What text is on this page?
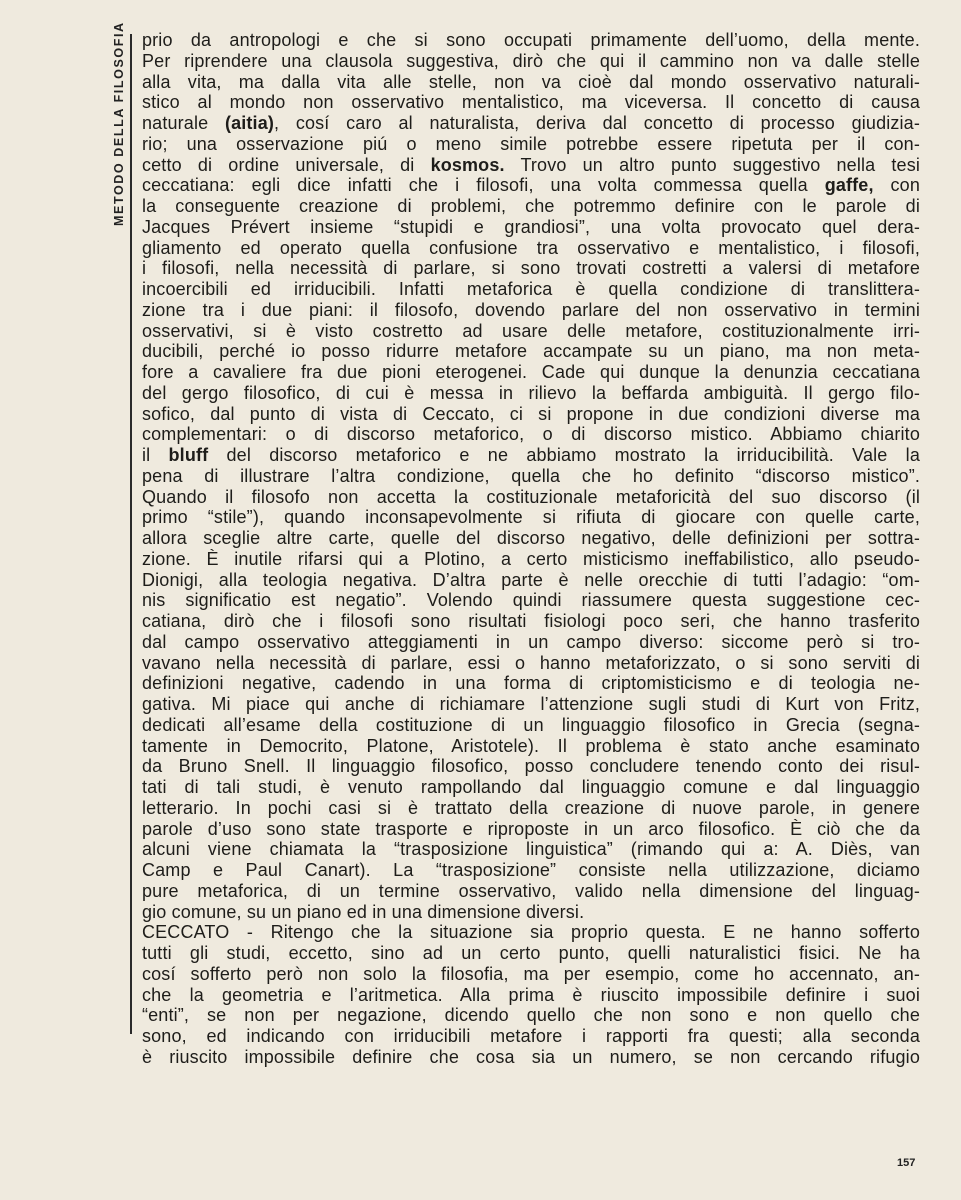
METODO DELLA FILOSOFIA prio da antropologi e che si sono occupati primamente dell’uomo, della mente.
Per riprendere una clausola suggestiva, dirò che qui il cammino non va dalle stelle
alla vita, ma dalla vita alle stelle, non va cioè dal mondo osservativo naturali-
stico al mondo non osservativo mentalistico, ma viceversa. Il concetto di causa
naturale (aitia), cosí caro al naturalista, deriva dal concetto di processo giudizia-
rio; una osservazione piú o meno simile potrebbe essere ripetuta per il con-
cetto di ordine universale, di kosmos. Trovo un altro punto suggestivo nella tesi
ceccatiana: egli dice infatti che i filosofi, una volta commessa quella gaffe, con
la conseguente creazione di problemi, che potremmo definire con le parole di
Jacques Prévert insieme “stupidi e grandiosi”, una volta provocato quel dera-
gliamento ed operato quella confusione tra osservativo e mentalistico, i filosofi,
i filosofi, nella necessità di parlare, si sono trovati costretti a valersi di metafore
incoercibili ed irriducibili. Infatti metaforica è quella condizione di translittera-
zione tra i due piani: il filosofo, dovendo parlare del non osservativo in termini
osservativi, si è visto costretto ad usare delle metafore, costituzionalmente irri-
ducibili, perché io posso ridurre metafore accampate su un piano, ma non meta-
fore a cavaliere fra due pioni eterogenei. Cade qui dunque la denunzia ceccatiana
del gergo filosofico, di cui è messa in rilievo la beffarda ambiguità. Il gergo filo-
sofico, dal punto di vista di Ceccato, ci si propone in due condizioni diverse ma
complementari: o di discorso metaforico, o di discorso mistico. Abbiamo chiarito
il bluff del discorso metaforico e ne abbiamo mostrato la irriducibilità. Vale la
pena di illustrare l’altra condizione, quella che ho definito “discorso mistico”.
Quando il filosofo non accetta la costituzionale metaforicità del suo discorso (il
primo “stile”), quando inconsapevolmente si rifiuta di giocare con quelle carte,
allora sceglie altre carte, quelle del discorso negativo, delle definizioni per sottra-
zione. È inutile rifarsi qui a Plotino, a certo misticismo ineffabilistico, allo pseudo-
Dionigi, alla teologia negativa. D’altra parte è nelle orecchie di tutti l’adagio: “om-
nis significatio est negatio”. Volendo quindi riassumere questa suggestione cec-
catiana, dirò che i filosofi sono risultati fisiologi poco seri, che hanno trasferito
dal campo osservativo atteggiamenti in un campo diverso: siccome però si tro-
vavano nella necessità di parlare, essi o hanno metaforizzato, o si sono serviti di
definizioni negative, cadendo in una forma di criptomisticismo e di teologia ne-
gativa. Mi piace qui anche di richiamare l’attenzione sugli studi di Kurt von Fritz,
dedicati all’esame della costituzione di un linguaggio filosofico in Grecia (segna-
tamente in Democrito, Platone, Aristotele). Il problema è stato anche esaminato
da Bruno Snell. Il linguaggio filosofico, posso concludere tenendo conto dei risul-
tati di tali studi, è venuto rampollando dal linguaggio comune e dal linguaggio
letterario. In pochi casi si è trattato della creazione di nuove parole, in genere
parole d’uso sono state trasporte e riproposte in un arco filosofico. È ciò che da
alcuni viene chiamata la “trasposizione linguistica” (rimando qui a: A. Diès, van
Camp e Paul Canart). La “trasposizione” consiste nella utilizzazione, diciamo
pure metaforica, di un termine osservativo, valido nella dimensione del linguag-
gio comune, su un piano ed in una dimensione diversi.
CECCATO - Ritengo che la situazione sia proprio questa. E ne hanno sofferto
tutti gli studi, eccetto, sino ad un certo punto, quelli naturalistici fisici. Ne ha
cosí sofferto però non solo la filosofia, ma per esempio, come ho accennato, an-
che la geometria e l’aritmetica. Alla prima è riuscito impossibile definire i suoi
“enti”, se non per negazione, dicendo quello che non sono e non quello che
sono, ed indicando con irriducibili metafore i rapporti fra questi; alla seconda
è riuscito impossibile definire che cosa sia un numero, se non cercando rifugio
157
